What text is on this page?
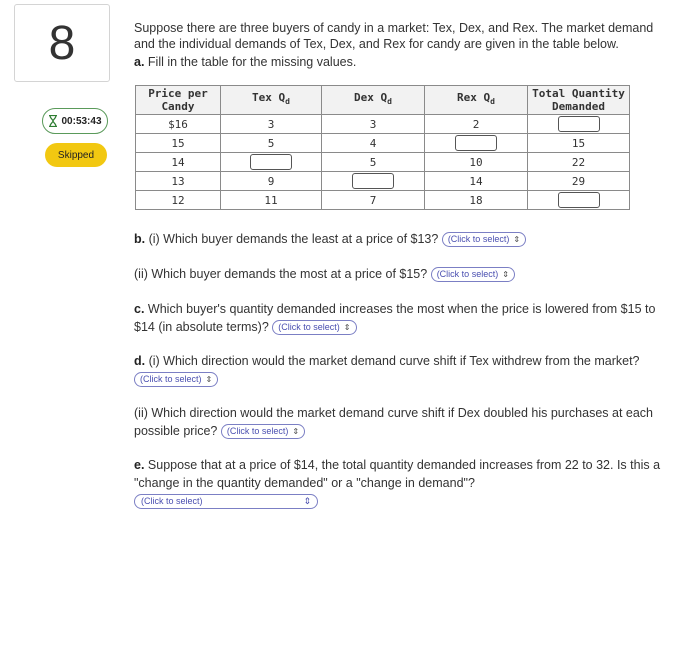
8
00:53:43
Skipped

Suppose there are three buyers of candy in a market: Tex, Dex, and Rex. The market demand and the individual demands of Tex, Dex, and Rex for candy are given in the table below.

a. Fill in the table for the missing values.

Price per
Candy	Tex $Q_d$	Dex $Q_d$	Rex $Q_d$	Total Quantity
Demanded
$16	3	3	2	
15	5	4		15
14		5	10	22
13	9		14	29
12	11	7	18	
b. (i) Which buyer demands the least at a price of $13? (Click to select) ⇕
(ii) Which buyer demands the most at a price of $15? (Click to select) ⇕
c. Which buyer's quantity demanded increases the most when the price is lowered from $15 to $14 (in absolute terms)? (Click to select) ⇕
d. (i) Which direction would the market demand curve shift if Tex withdrew from the market?
(Click to select) ⇕
(ii) Which direction would the market demand curve shift if Dex doubled his purchases at each possible price? (Click to select) ⇕
e. Suppose that at a price of $14, the total quantity demanded increases from 22 to 32. Is this a "change in the quantity demanded" or a "change in demand"?
(Click to select)	⇕
